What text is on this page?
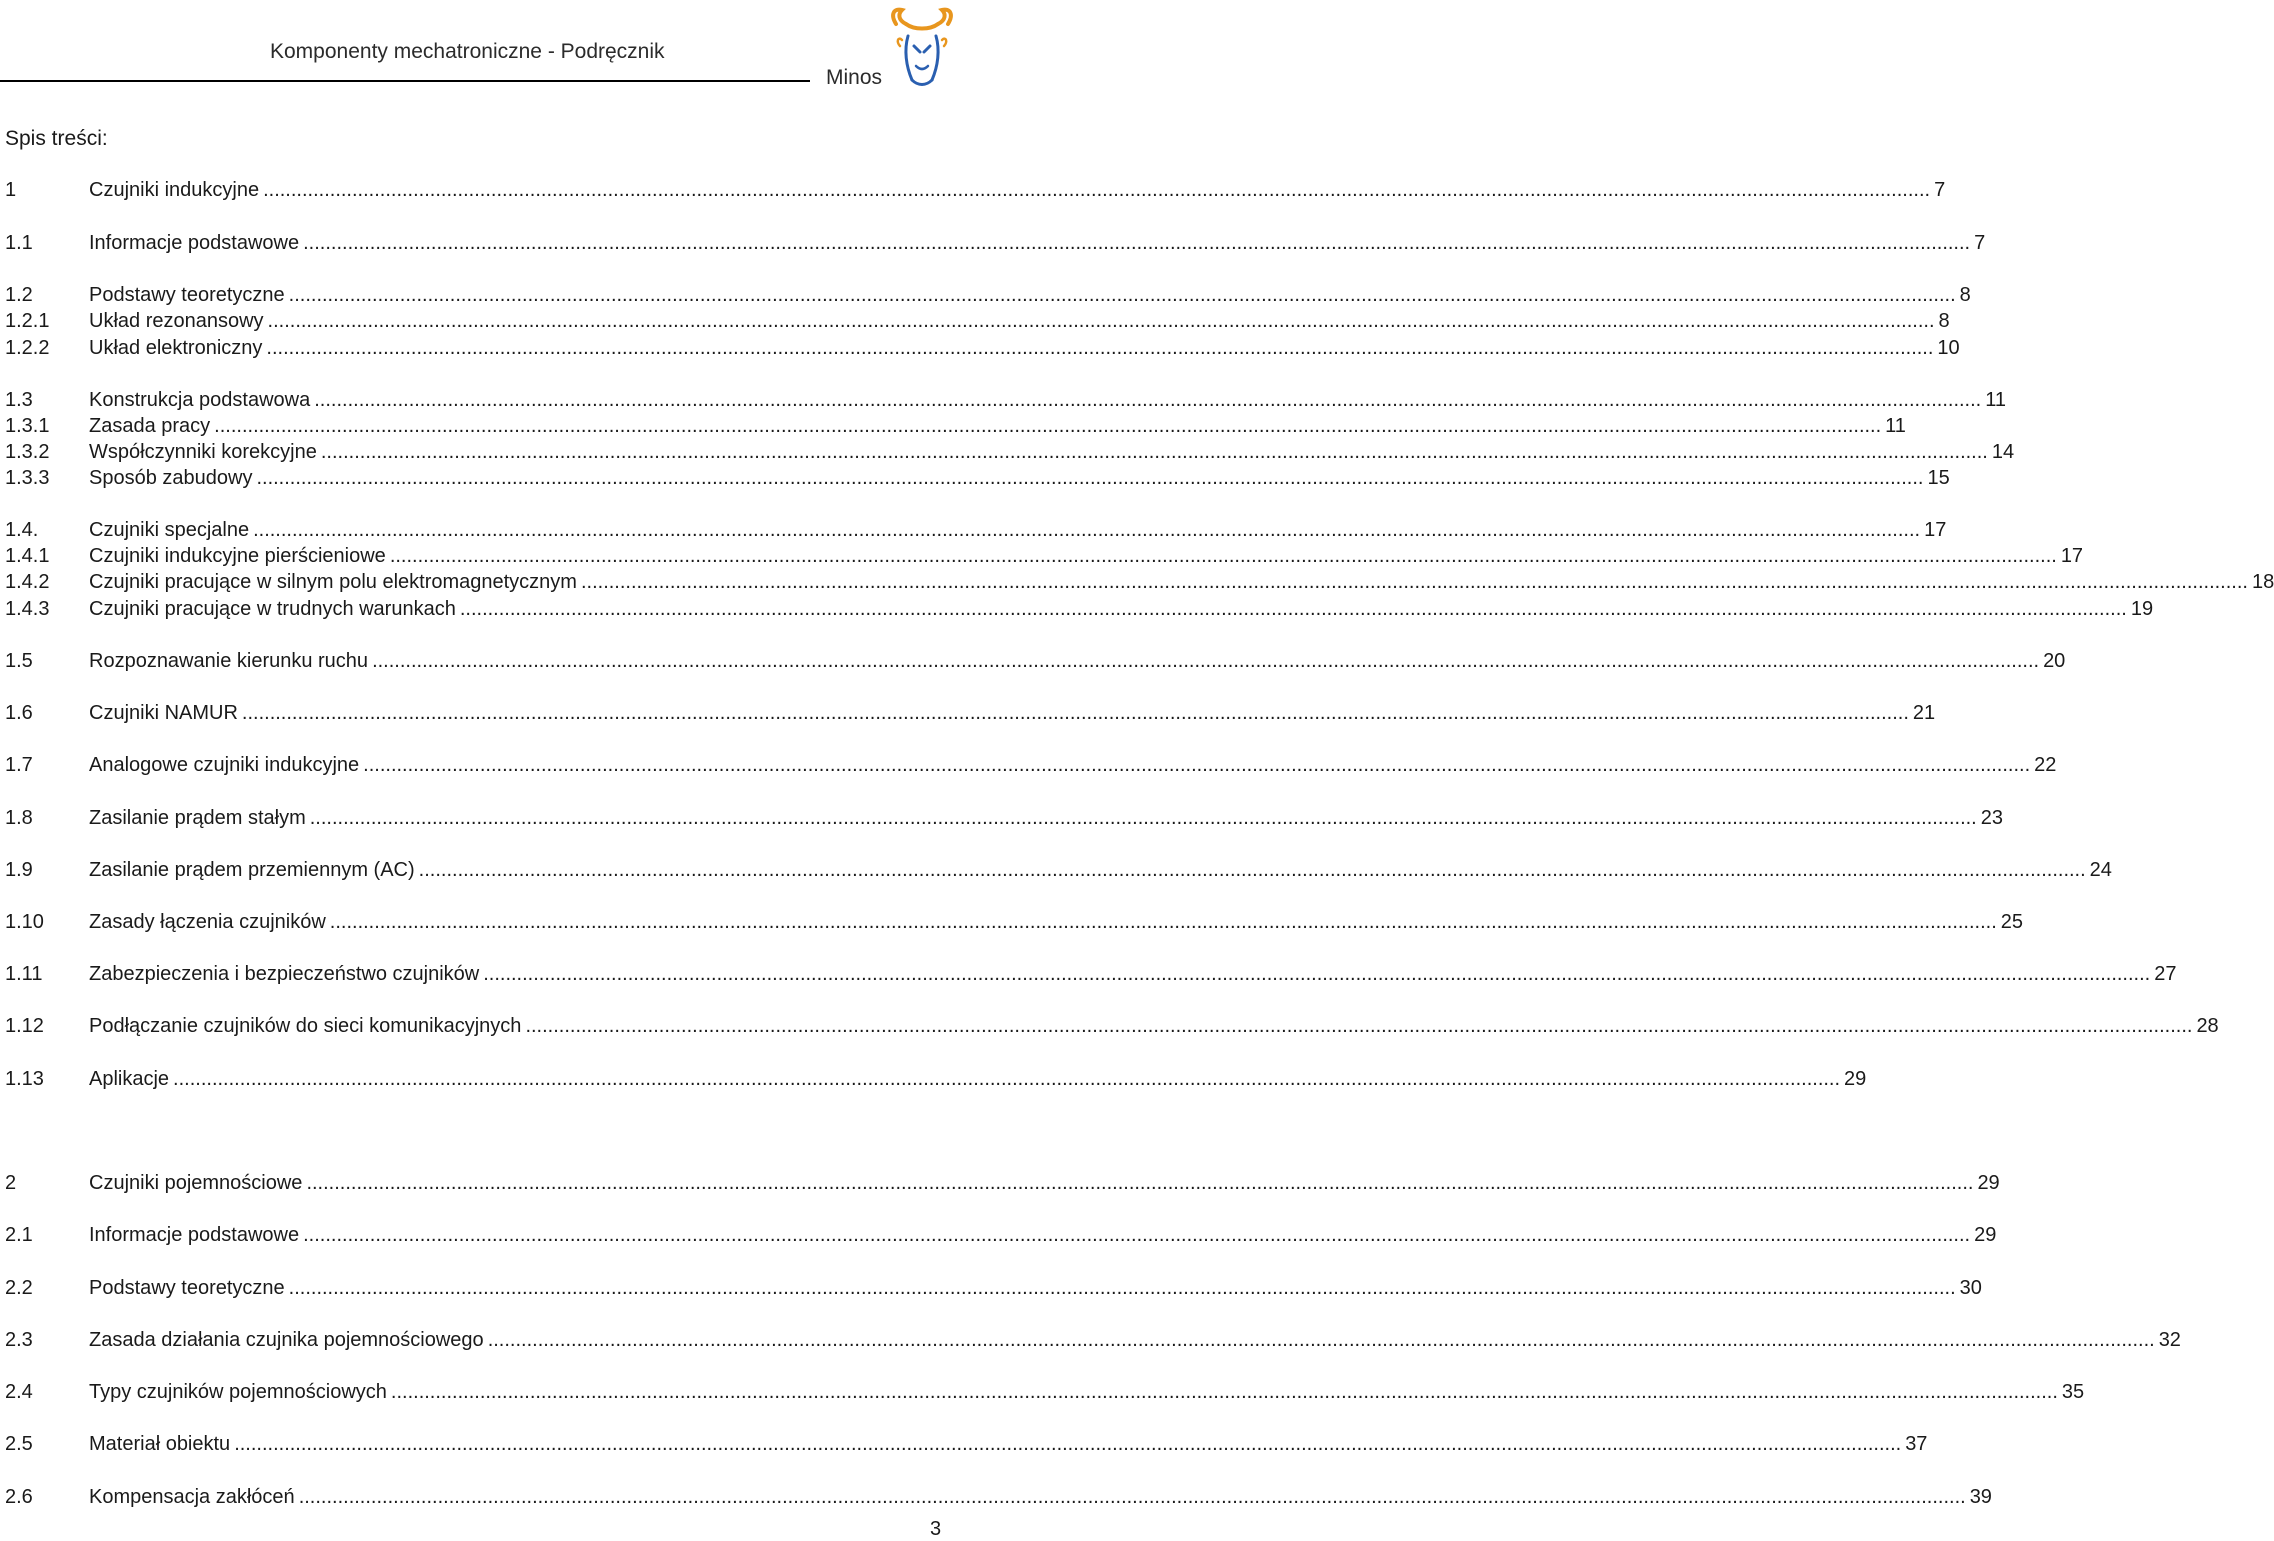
Komponenty mechatroniczne - Podręcznik
Minos
Spis treści:
1	Czujniki indukcyjne ............................................................................................................................................................................................................................................................................................................ 7
1.1	Informacje podstawowe ............................................................................................................................................................................................................................................................................................................ 7
1.2	Podstawy teoretyczne ............................................................................................................................................................................................................................................................................................................ 8
1.2.1 Układ rezonansowy ............................................................................................................................................................................................................................................................................................................ 8
1.2.2 Układ elektroniczny ............................................................................................................................................................................................................................................................................................................ 10
1.3	Konstrukcja podstawowa ............................................................................................................................................................................................................................................................................................................ 11
1.3.1 Zasada pracy ............................................................................................................................................................................................................................................................................................................ 11
1.3.2 Współczynniki korekcyjne ............................................................................................................................................................................................................................................................................................................ 14
1.3.3 Sposób zabudowy ............................................................................................................................................................................................................................................................................................................ 15
1.4.	Czujniki specjalne ............................................................................................................................................................................................................................................................................................................ 17
1.4.1 Czujniki indukcyjne pierścieniowe ............................................................................................................................................................................................................................................................................................................ 17
1.4.2 Czujniki pracujące w silnym polu elektromagnetycznym ............................................................................................................................................................................................................................................................................................................ 18
1.4.3 Czujniki pracujące w trudnych warunkach ............................................................................................................................................................................................................................................................................................................ 19
1.5	Rozpoznawanie kierunku ruchu ............................................................................................................................................................................................................................................................................................................ 20
1.6	Czujniki NAMUR ............................................................................................................................................................................................................................................................................................................ 21
1.7	Analogowe czujniki indukcyjne ............................................................................................................................................................................................................................................................................................................ 22
1.8	Zasilanie prądem stałym ............................................................................................................................................................................................................................................................................................................ 23
1.9	Zasilanie prądem przemiennym (AC) ............................................................................................................................................................................................................................................................................................................ 24
1.10 Zasady łączenia czujników ............................................................................................................................................................................................................................................................................................................ 25
1.11 Zabezpieczenia i bezpieczeństwo czujników ............................................................................................................................................................................................................................................................................................................ 27
1.12 Podłączanie czujników do sieci komunikacyjnych ............................................................................................................................................................................................................................................................................................................ 28
1.13 Aplikacje ............................................................................................................................................................................................................................................................................................................ 29
2	Czujniki pojemnościowe ............................................................................................................................................................................................................................................................................................................ 29
2.1	Informacje podstawowe ............................................................................................................................................................................................................................................................................................................ 29
2.2	Podstawy teoretyczne ............................................................................................................................................................................................................................................................................................................ 30
2.3	Zasada działania czujnika pojemnościowego ............................................................................................................................................................................................................................................................................................................ 32
2.4	Typy czujników pojemnościowych ............................................................................................................................................................................................................................................................................................................ 35
2.5	Materiał obiektu ............................................................................................................................................................................................................................................................................................................ 37
2.6	Kompensacja zakłóceń ............................................................................................................................................................................................................................................................................................................ 39
3
